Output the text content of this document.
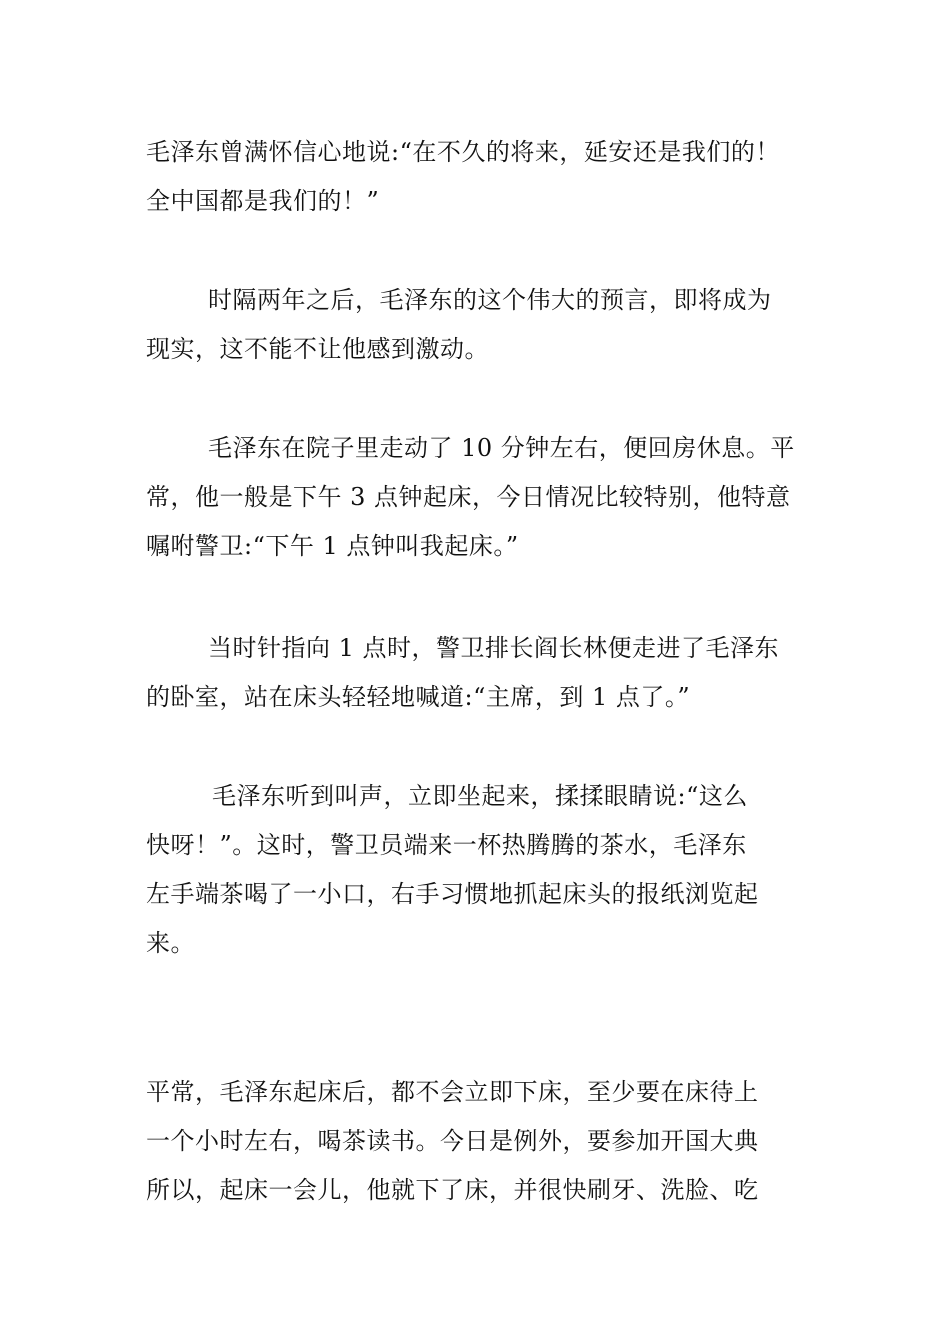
毛泽东曾满怀信心地说:“在不久的将来，延安还是我们的！
全中国都是我们的！”

时隔两年之后，毛泽东的这个伟大的预言，即将成为
现实，这不能不让他感到激动。

毛泽东在院子里走动了 10 分钟左右，便回房休息。平
常，他一般是下午 3 点钟起床，今日情况比较特别，他特意
嘱咐警卫:“下午 1 点钟叫我起床。”

当时针指向 1 点时，警卫排长阎长林便走进了毛泽东
的卧室，站在床头轻轻地喊道:“主席，到 1 点了。”

毛泽东听到叫声，立即坐起来，揉揉眼睛说:“这么
快呀！”。这时，警卫员端来一杯热腾腾的茶水，毛泽东
左手端茶喝了一小口，右手习惯地抓起床头的报纸浏览起
来。

平常，毛泽东起床后，都不会立即下床，至少要在床待上
一个小时左右，喝茶读书。今日是例外，要参加开国大典
所以，起床一会儿，他就下了床，并很快刷牙、洗脸、吃
